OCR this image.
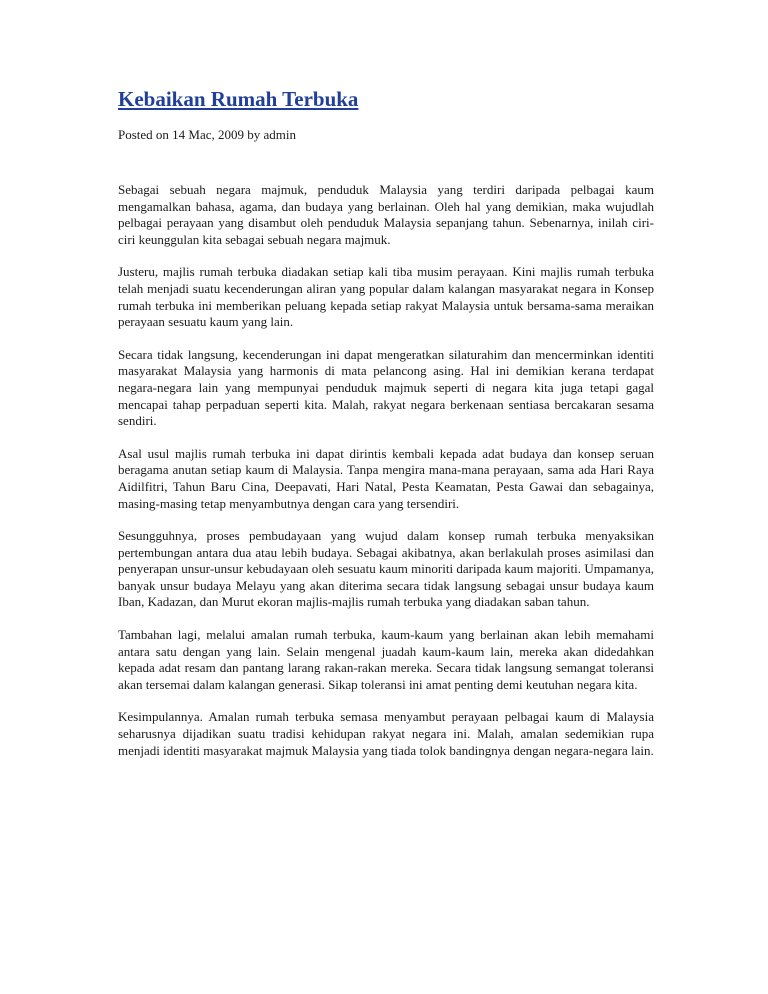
Kebaikan Rumah Terbuka
Posted on 14 Mac, 2009 by admin

Sebagai sebuah negara majmuk, penduduk Malaysia yang terdiri daripada pelbagai kaum mengamalkan bahasa, agama, dan budaya yang berlainan. Oleh hal yang demikian, maka wujudlah pelbagai perayaan yang disambut oleh penduduk Malaysia sepanjang tahun. Sebenarnya, inilah ciri-ciri keunggulan kita sebagai sebuah negara majmuk.

Justeru, majlis rumah terbuka diadakan setiap kali tiba musim perayaan. Kini majlis rumah terbuka telah menjadi suatu kecenderungan aliran yang popular dalam kalangan masyarakat negara in Konsep rumah terbuka ini memberikan peluang kepada setiap rakyat Malaysia untuk bersama-sama meraikan perayaan sesuatu kaum yang lain.

Secara tidak langsung, kecenderungan ini dapat mengeratkan silaturahim dan mencerminkan identiti masyarakat Malaysia yang harmonis di mata pelancong asing. Hal ini demikian kerana terdapat negara-negara lain yang mempunyai penduduk majmuk seperti di negara kita juga tetapi gagal mencapai tahap perpaduan seperti kita. Malah, rakyat negara berkenaan sentiasa bercakaran sesama sendiri.

Asal usul majlis rumah terbuka ini dapat dirintis kembali kepada adat budaya dan konsep seruan beragama anutan setiap kaum di Malaysia. Tanpa mengira mana-mana perayaan, sama ada Hari Raya Aidilfitri, Tahun Baru Cina, Deepavati, Hari Natal, Pesta Keamatan, Pesta Gawai dan sebagainya, masing-masing tetap menyambutnya dengan cara yang tersendiri.

Sesungguhnya, proses pembudayaan yang wujud dalam konsep rumah terbuka menyaksikan pertembungan antara dua atau lebih budaya. Sebagai akibatnya, akan berlakulah proses asimilasi dan penyerapan unsur-unsur kebudayaan oleh sesuatu kaum minoriti daripada kaum majoriti. Umpamanya, banyak unsur budaya Melayu yang akan diterima secara tidak langsung sebagai unsur budaya kaum Iban, Kadazan, dan Murut ekoran majlis-majlis rumah terbuka yang diadakan saban tahun.

Tambahan lagi, melalui amalan rumah terbuka, kaum-kaum yang berlainan akan lebih memahami antara satu dengan yang lain. Selain mengenal juadah kaum-kaum lain, mereka akan didedahkan kepada adat resam dan pantang larang rakan-rakan mereka. Secara tidak langsung semangat toleransi akan tersemai dalam kalangan generasi. Sikap toleransi ini amat penting demi keutuhan negara kita.

Kesimpulannya. Amalan rumah terbuka semasa menyambut perayaan pelbagai kaum di Malaysia seharusnya dijadikan suatu tradisi kehidupan rakyat negara ini. Malah, amalan sedemikian rupa menjadi identiti masyarakat majmuk Malaysia yang tiada tolok bandingnya dengan negara-negara lain.
